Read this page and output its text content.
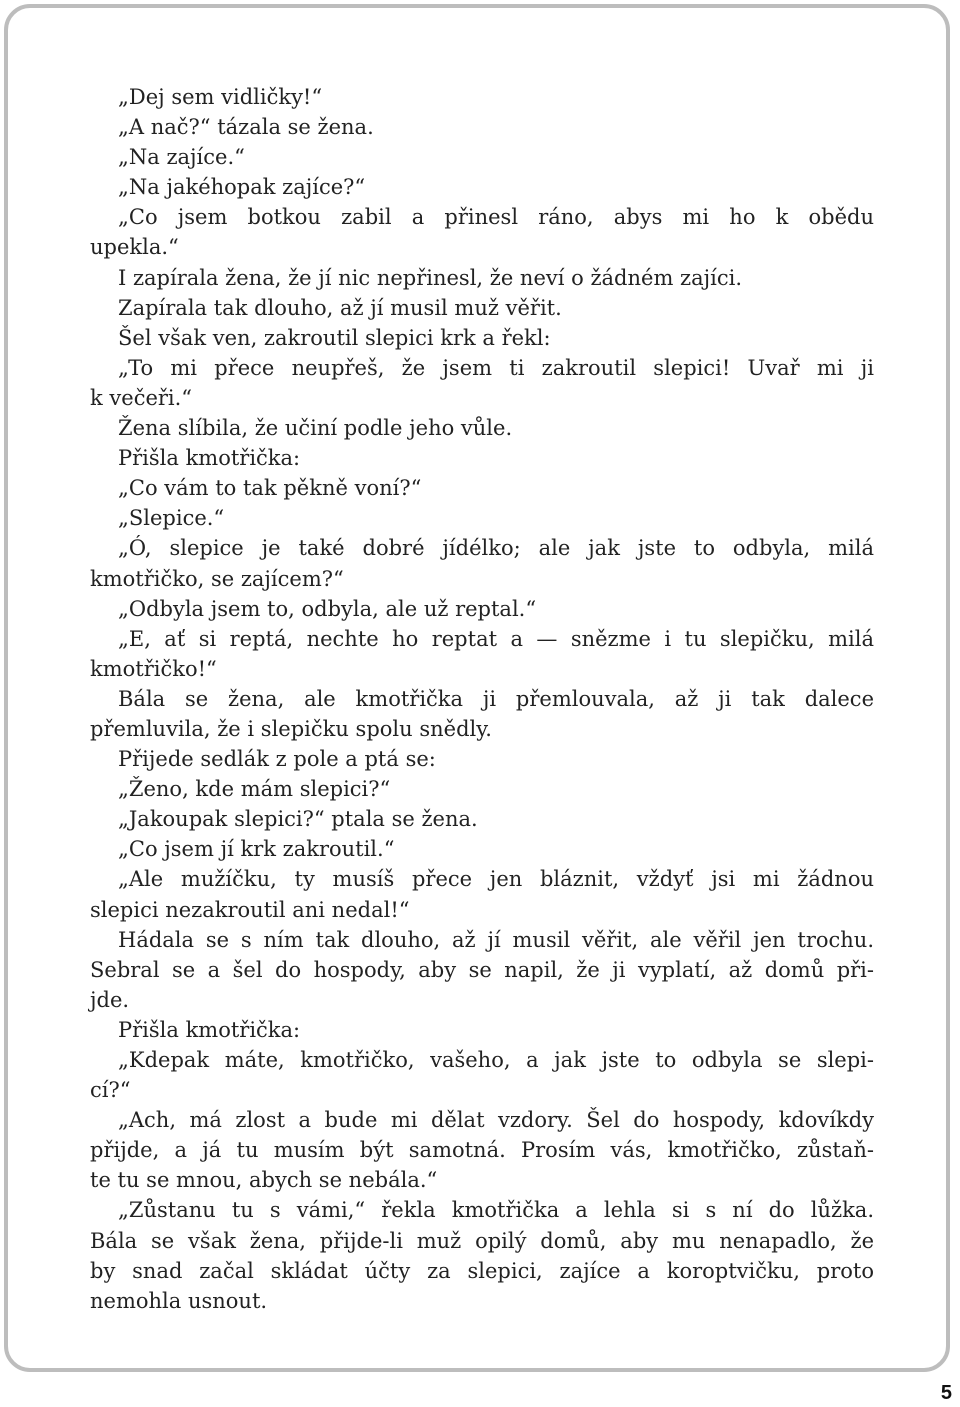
„Dej sem vidličky!“
„A nač?“ tázala se žena.
„Na zajíce.“
„Na jakéhopak zajíce?“
„Co jsem botkou zabil a přinesl ráno, abys mi ho k obědu
upekla.“
I zapírala žena, že jí nic nepřinesl, že neví o žádném zajíci.
Zapírala tak dlouho, až jí musil muž věřit.
Šel však ven, zakroutil slepici krk a řekl:
„To mi přece neupřeš, že jsem ti zakroutil slepici! Uvař mi ji
k večeři.“
Žena slíbila, že učiní podle jeho vůle.
Přišla kmotřička:
„Co vám to tak pěkně voní?“
„Slepice.“
„Ó, slepice je také dobré jídélko; ale jak jste to odbyla, milá
kmotřičko, se zajícem?“
„Odbyla jsem to, odbyla, ale už reptal.“
„E, ať si reptá, nechte ho reptat a — snězme i tu slepičku, milá
kmotřičko!“
Bála se žena, ale kmotřička ji přemlouvala, až ji tak dalece
přemluvila, že i slepičku spolu snědly.
Přijede sedlák z pole a ptá se:
„Ženo, kde mám slepici?“
„Jakoupak slepici?“ ptala se žena.
„Co jsem jí krk zakroutil.“
„Ale mužíčku, ty musíš přece jen bláznit, vždyť jsi mi žádnou
slepici nezakroutil ani nedal!“
Hádala se s ním tak dlouho, až jí musil věřit, ale věřil jen trochu.
Sebral se a šel do hospody, aby se napil, že ji vyplatí, až domů při-
jde.
Přišla kmotřička:
„Kdepak máte, kmotřičko, vašeho, a jak jste to odbyla se slepi-
cí?“
„Ach, má zlost a bude mi dělat vzdory. Šel do hospody, kdovíkdy
přijde, a já tu musím být samotná. Prosím vás, kmotřičko, zůstaň-
te tu se mnou, abych se nebála.“
„Zůstanu tu s vámi,“ řekla kmotřička a lehla si s ní do lůžka.
Bála se však žena, přijde-li muž opilý domů, aby mu nenapadlo, že
by snad začal skládat účty za slepici, zajíce a koroptvičku, proto
nemohla usnout.
5
